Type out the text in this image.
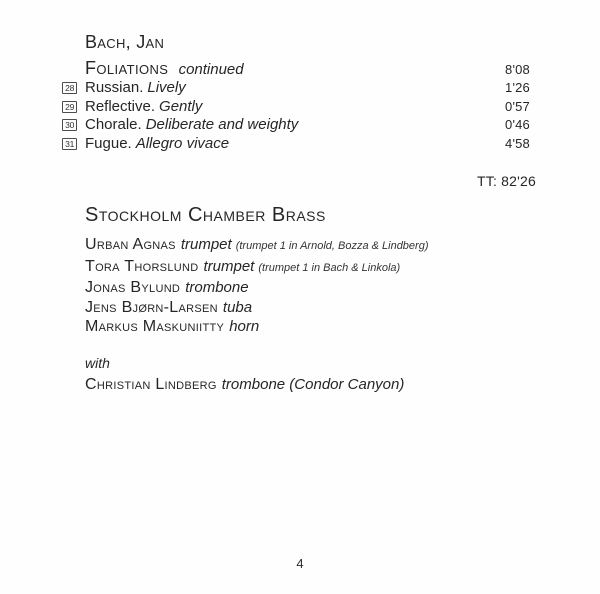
Bach, Jan
Foliations continued	8'08
28 Russian. Lively	1'26
29 Reflective. Gently	0'57
30 Chorale. Deliberate and weighty	0'46
31 Fugue. Allegro vivace	4'58
TT: 82'26
Stockholm Chamber Brass
Urban Agnas trumpet (trumpet 1 in Arnold, Bozza & Lindberg)
Tora Thorslund trumpet (trumpet 1 in Bach & Linkola)
Jonas Bylund trombone
Jens Bjørn-Larsen tuba
Markus Maskuniitty horn
with
Christian Lindberg trombone (Condor Canyon)
4
